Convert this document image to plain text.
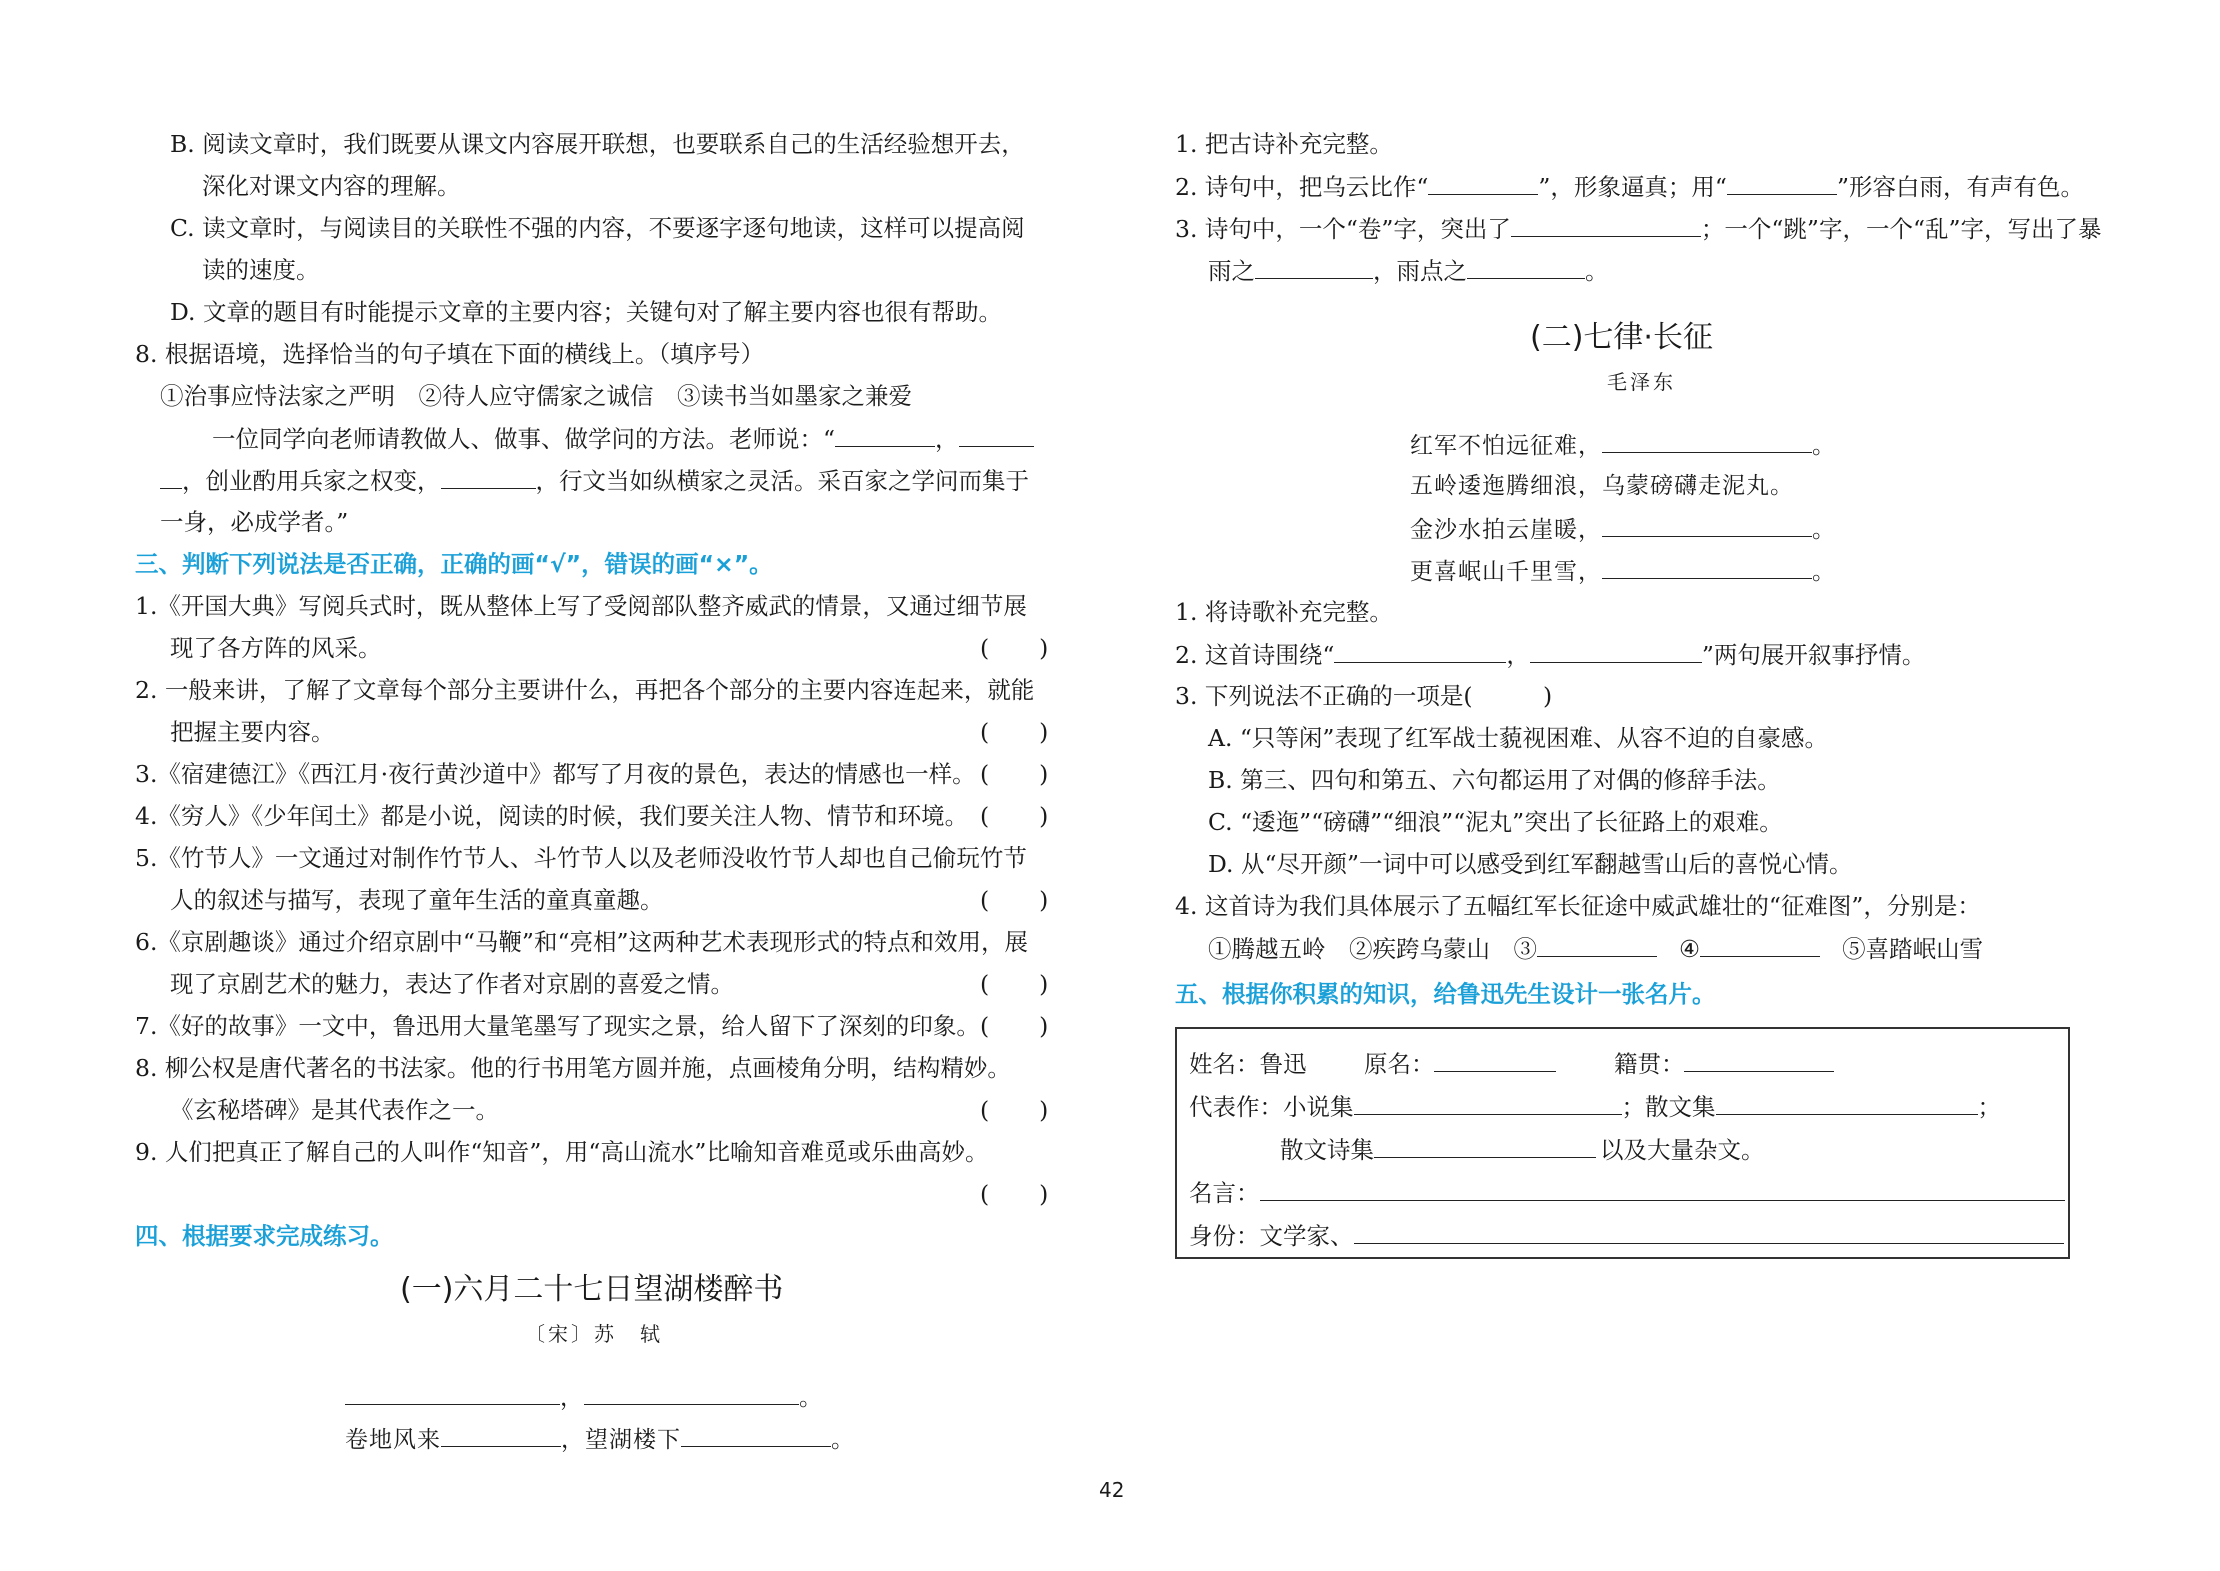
B. 阅读文章时，我们既要从课文内容展开联想，也要联系自己的生活经验想开去，
深化对课文内容的理解。
C. 读文章时，与阅读目的关联性不强的内容，不要逐字逐句地读，这样可以提高阅
读的速度。
D. 文章的题目有时能提示文章的主要内容；关键句对了解主要内容也很有帮助。
8. 根据语境，选择恰当的句子填在下面的横线上。（填序号）
①治事应恃法家之严明　②待人应守儒家之诚信　③读书当如墨家之兼爱
一位同学向老师请教做人、做事、做学问的方法。老师说：“	，
，创业酌用兵家之权变，	，行文当如纵横家之灵活。采百家之学问而集于
一身，必成学者。”
三、判断下列说法是否正确，正确的画“√”，错误的画“×”。
1.《开国大典》写阅兵式时，既从整体上写了受阅部队整齐威武的情景，又通过细节展
现了各方阵的风采。	(　　)
2. 一般来讲，了解了文章每个部分主要讲什么，再把各个部分的主要内容连起来，就能
把握主要内容。	(　　)
3.《宿建德江》《西江月·夜行黄沙道中》都写了月夜的景色，表达的情感也一样。 (　　)
4.《穷人》《少年闰土》都是小说，阅读的时候，我们要关注人物、情节和环境。 (　　)
5.《竹节人》一文通过对制作竹节人、斗竹节人以及老师没收竹节人却也自己偷玩竹节
人的叙述与描写，表现了童年生活的童真童趣。	(　　)
6.《京剧趣谈》通过介绍京剧中“马鞭”和“亮相”这两种艺术表现形式的特点和效用，展
现了京剧艺术的魅力，表达了作者对京剧的喜爱之情。	(　　)
7.《好的故事》一文中，鲁迅用大量笔墨写了现实之景，给人留下了深刻的印象。 (　　)
8. 柳公权是唐代著名的书法家。他的行书用笔方圆并施，点画棱角分明，结构精妙。
《玄秘塔碑》是其代表作之一。	(　　)
9. 人们把真正了解自己的人叫作“知音”，用“高山流水”比喻知音难觅或乐曲高妙。
(　　)
四、根据要求完成练习。
(一)六月二十七日望湖楼醉书
〔宋〕苏　轼
，	。
卷地风来	，望湖楼下	。
1. 把古诗补充完整。
2. 诗句中，把乌云比作“	”，形象逼真；用“	”形容白雨，有声有色。
3. 诗句中，一个“卷”字，突出了	；一个“跳”字，一个“乱”字，写出了暴
雨之	，雨点之	。
(二)七律·长征
毛泽东
红军不怕远征难，	。
五岭逶迤腾细浪，乌蒙磅礴走泥丸。
金沙水拍云崖暖，	。
更喜岷山千里雪，	。
1. 将诗歌补充完整。
2. 这首诗围绕“	，	”两句展开叙事抒情。
3. 下列说法不正确的一项是(　　　)
A. “只等闲”表现了红军战士藐视困难、从容不迫的自豪感。
B. 第三、四句和第五、六句都运用了对偶的修辞手法。
C. “逶迤”“磅礴”“细浪”“泥丸”突出了长征路上的艰难。
D. 从“尽开颜”一词中可以感受到红军翻越雪山后的喜悦心情。
4. 这首诗为我们具体展示了五幅红军长征途中威武雄壮的“征难图”，分别是：
①腾越五岭　②疾跨乌蒙山　③	④	⑤喜踏岷山雪
五、根据你积累的知识，给鲁迅先生设计一张名片。
姓名：鲁迅 原名：	籍贯：
代表作：小说集	；散文集	；
散文诗集	以及大量杂文。
名言：
身份：文学家、
42
